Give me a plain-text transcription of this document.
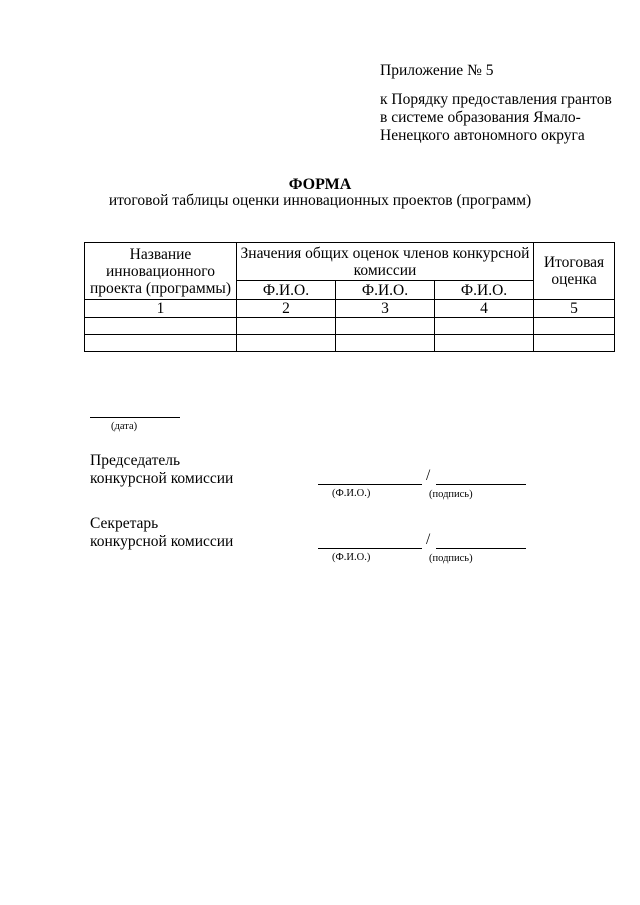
Приложение № 5
к Порядку предоставления грантов
в системе образования Ямало-
Ненецкого автономного округа
ФОРМА
итоговой таблицы оценки инновационных проектов (программ)
Название инновационного проекта (программы)	Значения общих оценок членов конкурсной комиссии			Итоговая оценка
	Ф.И.О.	Ф.И.О.	Ф.И.О.	
1	2	3	4	5

(дата)
Председатель
конкурсной комиссии	/
(Ф.И.О.)	(подпись)
Секретарь
конкурсной комиссии	/
(Ф.И.О.)	(подпись)
